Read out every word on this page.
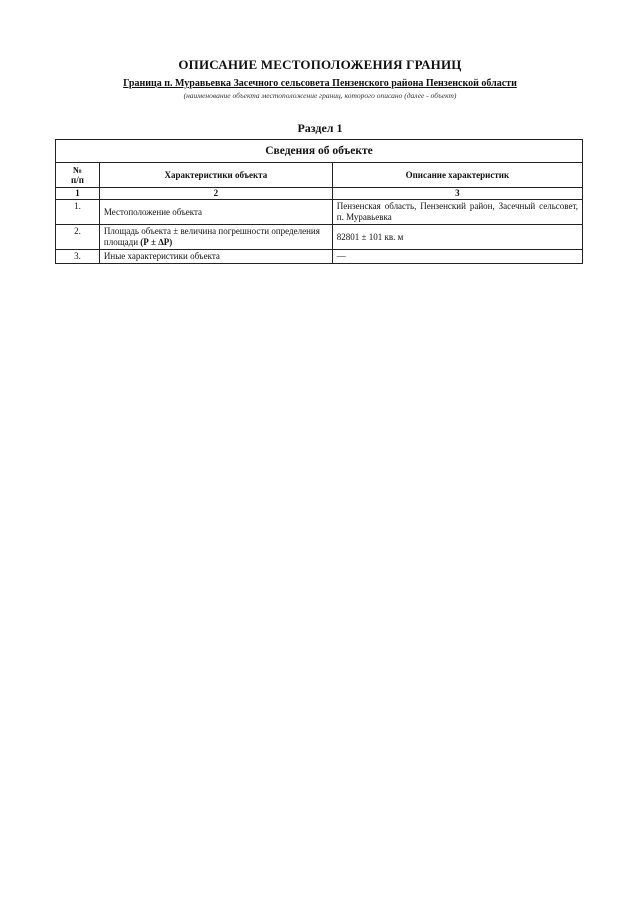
ОПИСАНИЕ МЕСТОПОЛОЖЕНИЯ ГРАНИЦ
Граница п. Муравьевка Засечного сельсовета Пензенского района Пензенской области
(наименование объекта местоположение границ, которого описано (далее - объект)
Раздел 1
Сведения об объекте		
№
п/п	Характеристики объекта	Описание характеристик
1	2	3
1.	Местоположение объекта	Пензенская область, Пензенский район, Засечный сельсовет, п. Муравьевка
2.	Площадь объекта ± величина погрешности определения площади (Р ± ∆Р)	82801 ± 101 кв. м
3.	Иные характеристики объекта	—
